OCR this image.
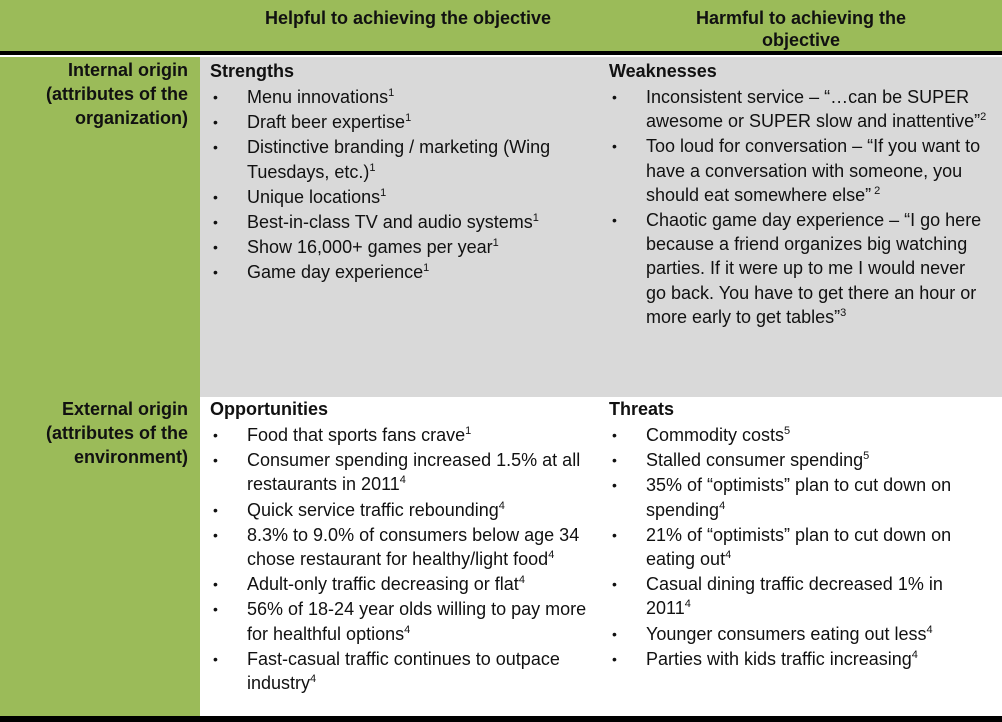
Helpful to achieving the objective	Harmful to achieving the
objective
Internal origin
(attributes of the
organization)
Strengths
• Menu innovations$^1$
• Draft beer expertise$^1$
• Distinctive branding / marketing (Wing Tuesdays, etc.)$^1$
• Unique locations$^1$
• Best-in-class TV and audio systems$^1$
• Show 16,000+ games per year$^1$
• Game day experience$^1$
Weaknesses
• Inconsistent service – “…can be SUPER awesome or SUPER slow and inattentive”$^2$
• Too loud for conversation – “If you want to have a conversation with someone, you should eat somewhere else” $^2$
• Chaotic game day experience – “I go here because a friend organizes big watching parties. If it were up to me I would never go back. You have to get there an hour or more early to get tables”$^3$
External origin
(attributes of the
environment)
Opportunities
• Food that sports fans crave$^1$
• Consumer spending increased 1.5% at all restaurants in 2011$^4$
• Quick service traffic rebounding$^4$
• 8.3% to 9.0% of consumers below age 34 chose restaurant for healthy/light food$^4$
• Adult-only traffic decreasing or flat$^4$
• 56% of 18-24 year olds willing to pay more for healthful options$^4$
• Fast-casual traffic continues to outpace industry$^4$
Threats
• Commodity costs$^5$
• Stalled consumer spending$^5$
• 35% of “optimists” plan to cut down on spending$^4$
• 21% of “optimists” plan to cut down on eating out$^4$
• Casual dining traffic decreased 1% in 2011$^4$
• Younger consumers eating out less$^4$
• Parties with kids traffic increasing$^4$
